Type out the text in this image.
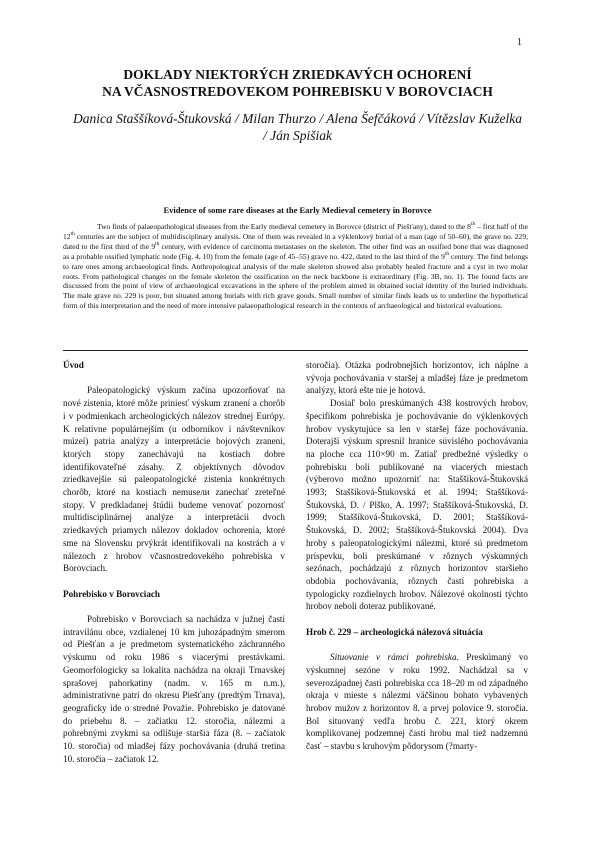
1
DOKLADY NIEKTORÝCH ZRIEDKAVÝCH OCHORENÍ
NA VČASNOSTREDOVEKOM POHREBISKU V BOROVCIACH
Danica Staššíková-Štukovská / Milan Thurzo / Alena Šefčáková / Vítězslav Kuželka
/ Ján Spišiak
Evidence of some rare diseases at the Early Medieval cemetery in Borovce

Two finds of palaeopathological diseases from the Early medieval cemetery in Borovce (district of Piešťany), dated to the 8th – first half of the 12th centuries are the subject of multidisciplinary analysis. One of them was revealed in a výklenkový burial of a man (age of 50–60), the grave no. 229, dated to the first third of the 9th century, with evidence of carcinoma metastases on the skeleton. The other find was an ossified bone that was diagnosed as a probable ossified lymphatic node (Fig. 4, 10) from the female (age of 45–55) grave no. 422, dated to the last third of the 9th century. The find belongs to rare ones among archaeological finds. Anthropological analysis of the male skeleton showed also probably healed fracture and a cyst in two molar roots. From pathological changes on the female skeleton the ossification on the neck backbone is extraordinary (Fig. 3B, no. 1). The found facts are discussed from the point of view of archaeological excavations in the sphere of the problem aimed in obtained social identity of the buried individuals. The male grave no. 229 is poor, but situated among burials with rich grave goods. Small number of similar finds leads us to underline the hypothetical form of this interpretation and the need of more intensive palaeopathological research in the contexts of archaeological and historical evaluations.

Úvod

Paleopatologický výskum začína upozorňovať na nové zistenia, ktoré môže priniesť výskum zranení a chorôb i v podmienkach archeologických nálezov strednej Európy. K relatívne populárnejším (u odborníkov i návštevníkov múzeí) patria analýzy a interpretácie bojových zranení, ktorých stopy zanechávajú na kostiach dobre identifikovateľné zásahy. Z objektívnych dôvodov zriedkavejšie sú paleopatologické zistenia konkrétnych chorôb, ktoré na kostiach nemusели zanechať zreteľné stopy. V predkladanej štúdii budeme venovať pozornosť multidisciplinárnej analýze a interpretácii dvoch zriedkavých priamych nálezov dokladov ochorenia, ktoré sme na Slovensku prvýkrát identifikovali na kostrách a v nálezoch z hrobov včasnostredovekého pohrebiska v Borovciach.

Pohrebisko v Borovciach

Pohrebisko v Borovciach sa nachádza v južnej časti intravilánu obce, vzdialenej 10 km juhozápadným smerom od Piešťan a je predmetom systematického záchranného výskumu od roku 1986 s viacerými prestávkami. Geomorfologicky sa lokalita nachádza na okraji Trnavskej sprašovej pahorkatiny (nadm. v. 165 m n.m.), administratívne patrí do okresu Piešťany (predtým Trnava), geograficky ide o stredné Považie. Pohrebisko je datované do priebehu 8. – začiatku 12. storočia, nálezmi a pohrebnými zvykmi sa odlišuje staršia fáza (8. – začiatok 10. storočia) od mladšej fázy pochovávania (druhá tretina 10. storočia – začiatok 12.

storočia). Otázka podrobnejších horizontov, ich náplne a vývoja pochovávania v staršej a mladšej fáze je predmetom analýzy, ktorá ešte nie je hotová.

Dosiaľ bolo preskúmaných 438 kostrových hrobov, špecifikom pohrebiska je pochovávanie do výklenkových hrobov vyskytujúce sa len v staršej fáze pochovávania. Doterajší výskum spresnil hranice súvislého pochovávania na ploche cca 110×90 m. Zatiaľ predbežné výsledky o pohrebisku boli publikované na viacerých miestach (výberovo možno upozorniť na: Staššíková-Štukovská 1993; Staššíková-Štukovská et al. 1994; Staššíková-Štukovská, D. / Plško, A. 1997; Staššíková-Štukovská, D. 1999; Staššíková-Štukovská, D. 2001; Staššíková-Štukovská, D. 2002; Staššíková-Štukovská 2004). Dva hroby s paleopatologickými nálezmi, ktoré sú predmetom príspevku, boli preskúmané v rôznych výskumných sezónach, pochádzajú z rôznych horizontov staršieho obdobia pochovávania, rôznych častí pohrebiska a typologicky rozdielnych hrobov. Nálezové okolnosti týchto hrobov neboli doteraz publikované.

Hrob č. 229 – archeologická nálezová situácia

Situovanie v rámci pohrebiska. Preskúmaný vo výskumnej sezóne v roku 1992. Nachádzal sa v severozápadnej časti pohrebiska cca 18–20 m od západného okraja v mieste s nálezmi väčšinou bohato vybavených hrobov mužov z horizontov 8. a prvej polovice 9. storočia. Bol situovaný vedľa hrobu č. 221, ktorý okrem komplikovanej podzemnej časti hrobu mal tiež nadzemnú časť – stavbu s kruhovým pôdorysom (?marty-
